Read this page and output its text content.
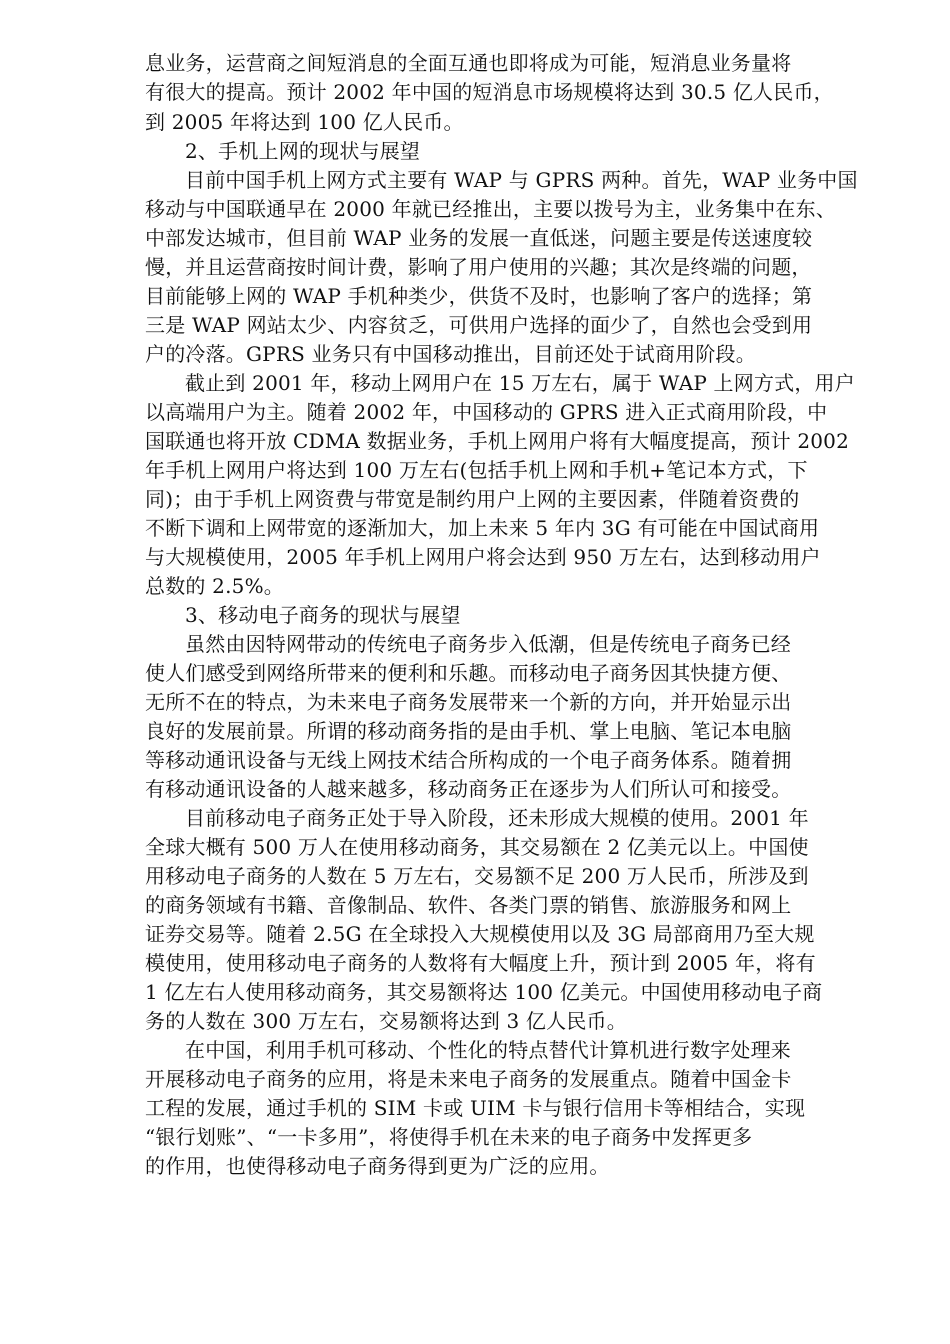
息业务，运营商之间短消息的全面互通也即将成为可能，短消息业务量将
有很大的提高。预计 2002 年中国的短消息市场规模将达到 30.5 亿人民币，
到 2005 年将达到 100 亿人民币。
2、手机上网的现状与展望
目前中国手机上网方式主要有 WAP 与 GPRS 两种。首先，WAP 业务中国
移动与中国联通早在 2000 年就已经推出，主要以拨号为主，业务集中在东、
中部发达城市，但目前 WAP 业务的发展一直低迷，问题主要是传送速度较
慢，并且运营商按时间计费，影响了用户使用的兴趣；其次是终端的问题，
目前能够上网的 WAP 手机种类少，供货不及时，也影响了客户的选择；第
三是 WAP 网站太少、内容贫乏，可供用户选择的面少了，自然也会受到用
户的冷落。GPRS 业务只有中国移动推出，目前还处于试商用阶段。
截止到 2001 年，移动上网用户在 15 万左右，属于 WAP 上网方式，用户
以高端用户为主。随着 2002 年，中国移动的 GPRS 进入正式商用阶段，中
国联通也将开放 CDMA 数据业务，手机上网用户将有大幅度提高，预计 2002
年手机上网用户将达到 100 万左右(包括手机上网和手机+笔记本方式，下
同)；由于手机上网资费与带宽是制约用户上网的主要因素，伴随着资费的
不断下调和上网带宽的逐渐加大，加上未来 5 年内 3G 有可能在中国试商用
与大规模使用，2005 年手机上网用户将会达到 950 万左右，达到移动用户
总数的 2.5%。
3、移动电子商务的现状与展望
虽然由因特网带动的传统电子商务步入低潮，但是传统电子商务已经
使人们感受到网络所带来的便利和乐趣。而移动电子商务因其快捷方便、
无所不在的特点，为未来电子商务发展带来一个新的方向，并开始显示出
良好的发展前景。所谓的移动商务指的是由手机、掌上电脑、笔记本电脑
等移动通讯设备与无线上网技术结合所构成的一个电子商务体系。随着拥
有移动通讯设备的人越来越多，移动商务正在逐步为人们所认可和接受。
目前移动电子商务正处于导入阶段，还未形成大规模的使用。2001 年
全球大概有 500 万人在使用移动商务，其交易额在 2 亿美元以上。中国使
用移动电子商务的人数在 5 万左右，交易额不足 200 万人民币，所涉及到
的商务领域有书籍、音像制品、软件、各类门票的销售、旅游服务和网上
证券交易等。随着 2.5G 在全球投入大规模使用以及 3G 局部商用乃至大规
模使用，使用移动电子商务的人数将有大幅度上升，预计到 2005 年，将有
1 亿左右人使用移动商务，其交易额将达 100 亿美元。中国使用移动电子商
务的人数在 300 万左右，交易额将达到 3 亿人民币。
在中国，利用手机可移动、个性化的特点替代计算机进行数字处理来
开展移动电子商务的应用，将是未来电子商务的发展重点。随着中国金卡
工程的发展，通过手机的 SIM 卡或 UIM 卡与银行信用卡等相结合，实现
“银行划账”、“一卡多用”，将使得手机在未来的电子商务中发挥更多
的作用，也使得移动电子商务得到更为广泛的应用。
